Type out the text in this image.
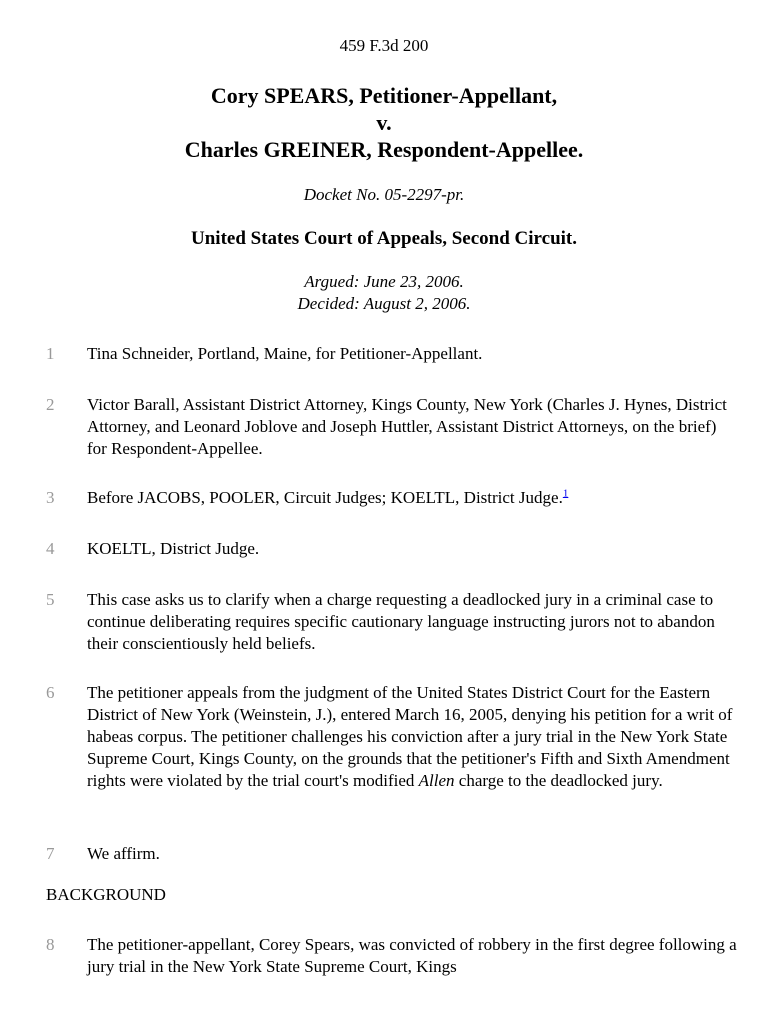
459 F.3d 200
Cory SPEARS, Petitioner-Appellant,
v.
Charles GREINER, Respondent-Appellee.
Docket No. 05-2297-pr.
United States Court of Appeals, Second Circuit.
Argued: June 23, 2006.
Decided: August 2, 2006.
1 Tina Schneider, Portland, Maine, for Petitioner-Appellant.
2 Victor Barall, Assistant District Attorney, Kings County, New York (Charles J. Hynes, District Attorney, and Leonard Joblove and Joseph Huttler, Assistant District Attorneys, on the brief) for Respondent-Appellee.
3 Before JACOBS, POOLER, Circuit Judges; KOELTL, District Judge.$^1$
4 KOELTL, District Judge.
5 This case asks us to clarify when a charge requesting a deadlocked jury in a criminal case to continue deliberating requires specific cautionary language instructing jurors not to abandon their conscientiously held beliefs.
6 The petitioner appeals from the judgment of the United States District Court for the Eastern District of New York (Weinstein, J.), entered March 16, 2005, denying his petition for a writ of habeas corpus. The petitioner challenges his conviction after a jury trial in the New York State Supreme Court, Kings County, on the grounds that the petitioner's Fifth and Sixth Amendment rights were violated by the trial court's modified Allen charge to the deadlocked jury.
7 We affirm.
BACKGROUND
8 The petitioner-appellant, Corey Spears, was convicted of robbery in the first degree following a jury trial in the New York State Supreme Court, Kings
